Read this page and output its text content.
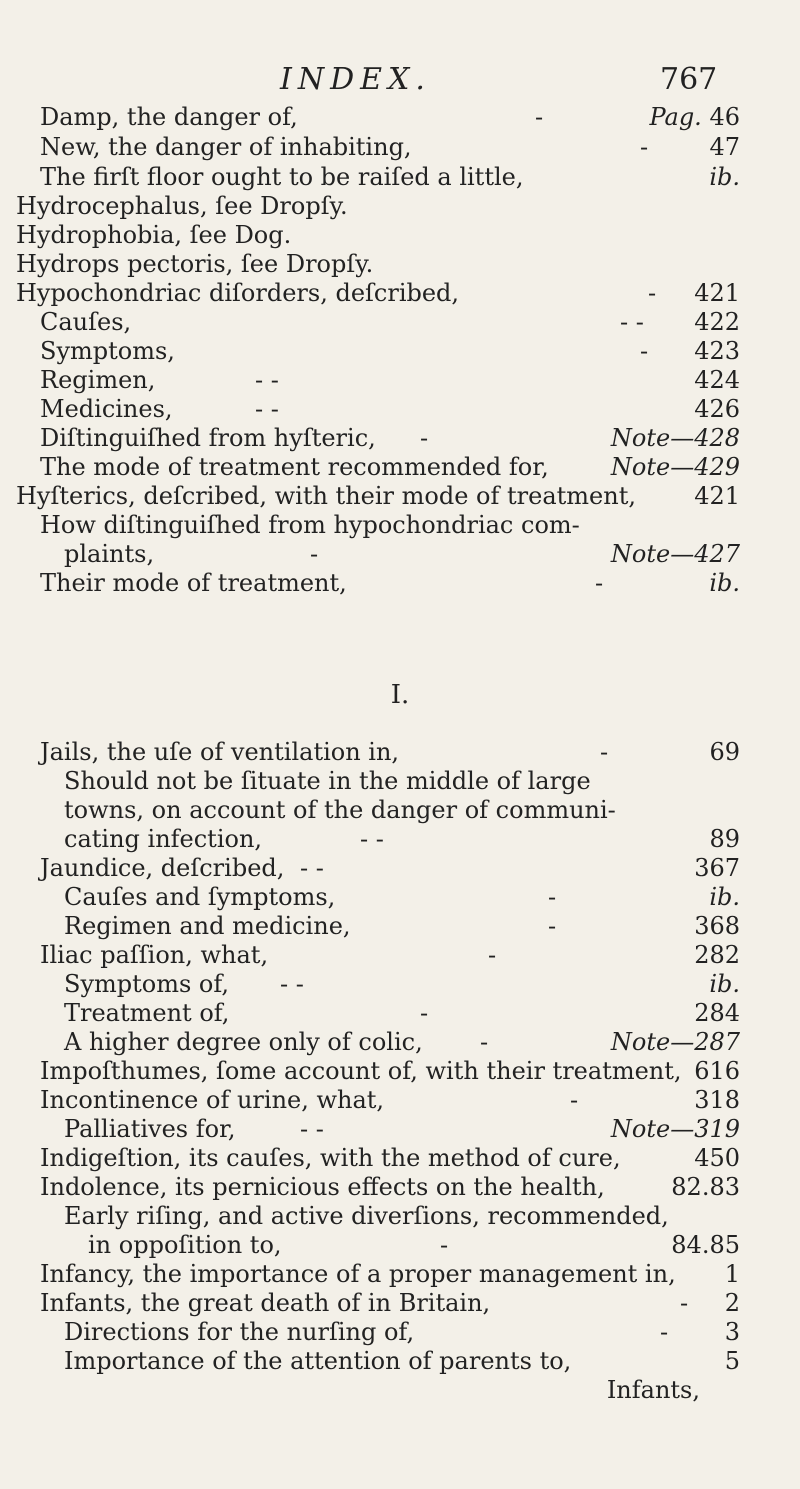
INDEX.	767
Damp, the danger of,	-	Pag. 46
New, the danger of inhabiting,	-	47
The firſt floor ought to be raiſed a little,	ib.
Hydrocephalus, ſee Dropſy.
Hydrophobia, ſee Dog.
Hydrops pectoris, ſee Dropſy.
Hypochondriac diſorders, deſcribed,	- 421
Cauſes,	- - 422
Symptoms,	- 423
Regimen,	- -	424
Medicines,	- -	426
Diſtinguiſhed from hyſteric, -	Note—428
The mode of treatment recommended for,	Note—429
Hyſterics, deſcribed, with their mode of treatment, 421
How diſtinguiſhed from hypochondriac com-
plaints,	-	Note—427
Their mode of treatment,	-	ib.
I.
Jails, the uſe of ventilation in,	-	69
Should not be ſituate in the middle of large
towns, on account of the danger of communi-
cating infection,	- -	89
Jaundice, deſcribed, - -	367
Cauſes and ſymptoms,	-	ib.
Regimen and medicine,	-	368
Iliac paſſion, what,	-	282
Symptoms of, - -	ib.
Treatment of,	-	284
A higher degree only of colic, -	Note—287
Impoſthumes, ſome account of, with their treatment, 616
Incontinence of urine, what,	-	318
Palliatives for,	- -	Note—319
Indigeſtion, its cauſes, with the method of cure,	450
Indolence, its pernicious effects on the health,	82.83
Early riſing, and active diverſions, recommended,
in oppoſition to,	-	84.85
Infancy, the importance of a proper management in, 1
Infants, the great death of in Britain,	- 2
Directions for the nurſing of,	- 3
Importance of the attention of parents to,	5
Infants,
